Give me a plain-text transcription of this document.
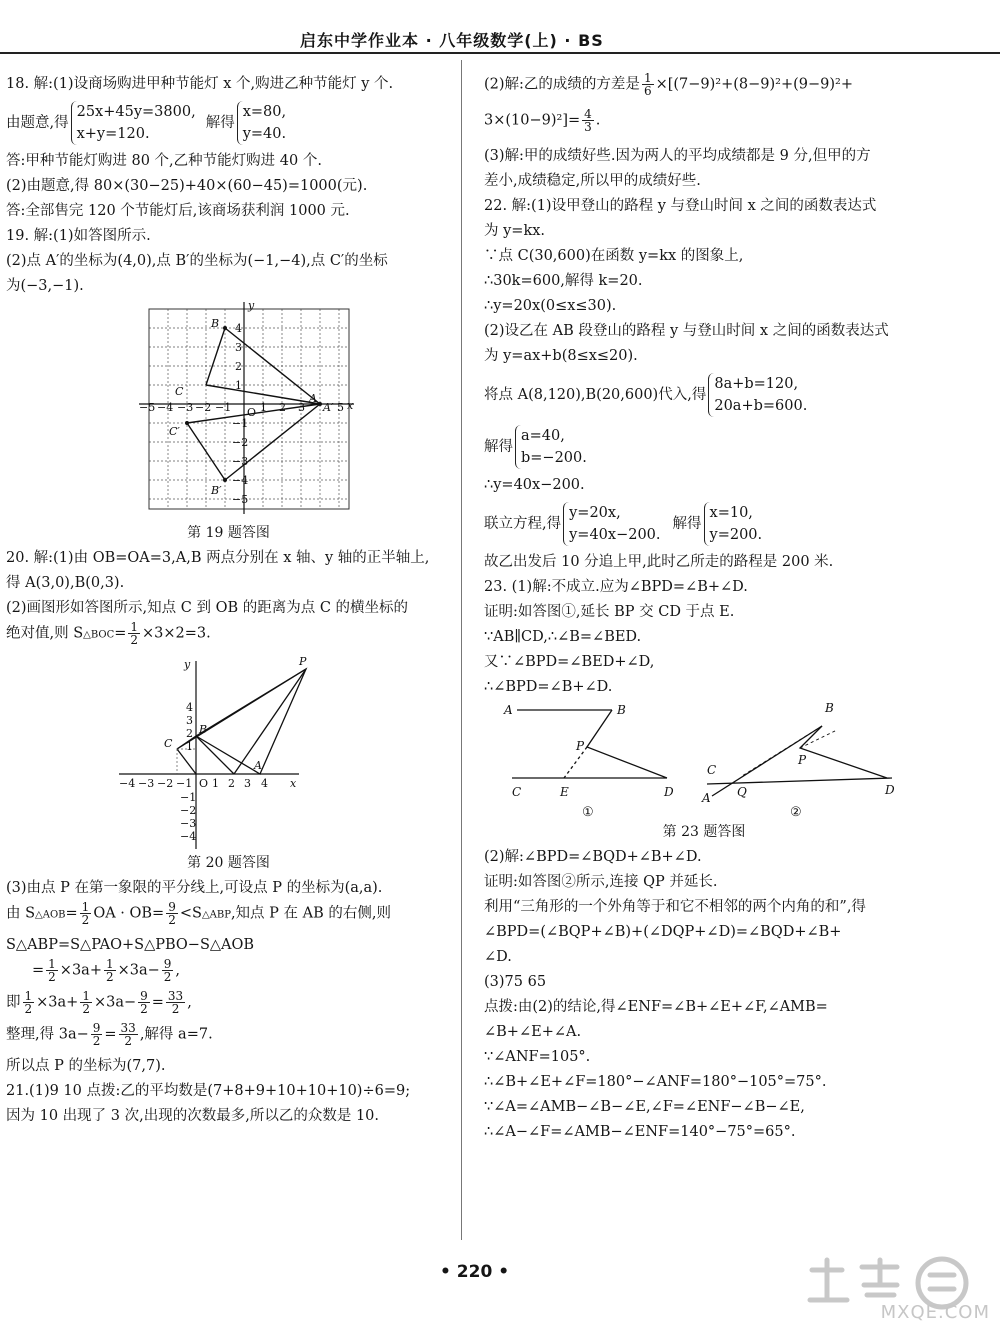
启东中学作业本 · 八年级数学(上) · BS
18. 解:(1)设商场购进甲种节能灯 x 个,购进乙种节能灯 y 个.
由题意,得
25x+45y=3800,
x+y=120.
解得
x=80,
y=40.
答:甲种节能灯购进 80 个,乙种节能灯购进 40 个.
(2)由题意,得 80×(30−25)+40×(60−45)=1000(元).
答:全部售完 120 个节能灯后,该商场获利润 1000 元.
19. 解:(1)如答图所示.
(2)点 A′的坐标为(4,0),点 B′的坐标为(−1,−4),点 C′的坐标
为(−3,−1).
y
B
B′
C
C′
A′
A
O
x
4
3
2
1
−1
−2
−3
−4
−5
−5 −4 −3 −2 −1	1 2 3	5
第 19 题答图
20. 解:(1)由 OB=OA=3,A,B 两点分别在 x 轴、y 轴的正半轴上,
得 A(3,0),B(0,3).
(2)画图形如答图所示,知点 C 到 OB 的距离为点 C 的横坐标的
绝对值,则 S△BOC= $\frac{1}{2} \times 3\times 2=3$.
y	P
B
C
A
O	x
4
3
2
1
−1
−2
−3
−4
−4 −3 −2 −1 1 2 3 4
第 20 题答图
(3)由点 P 在第一象限的平分线上,可设点 P 的坐标为(a,a).
由 S△AOB= $\frac{1}{2}$ OA · $OB= \frac{9}{2}$ <S△ABP,知点 P 在 AB 的右侧,则
S△ABP=S△PAO+S△PBO−S△AOB
= $\frac{1}{2} \times 3a+ \frac{1}{2} \times 3a- \frac{9}{2}$ ,
即 $\frac{1}{2} \times 3a+ \frac{1}{2} \times 3a- \frac{9}{2} = \frac{33}{2}$ ,
整理,得 $3a- \frac{9}{2} = \frac{33}{2}$ ,解得 a=7.
所以点 P 的坐标为(7,7).
21.(1)9 10 点拨:乙的平均数是(7+8+9+10+10+10)÷6=9;
因为 10 出现了 3 次,出现的次数最多,所以乙的众数是 10.
(2)解:乙的成绩的方差是 $\frac{1}{6} \times[(7-9)^2+(8-9)^2+(9-9)^2+$
$3\times(10-9)^2]= \frac{4}{3}$ .
(3)解:甲的成绩好些.因为两人的平均成绩都是 9 分,但甲的方
差小,成绩稳定,所以甲的成绩好些.
22. 解:(1)设甲登山的路程 y 与登山时间 x 之间的函数表达式
为 y=kx.
∵点 C(30,600)在函数 y=kx 的图象上,
∴30k=600,解得 k=20.
∴y=20x(0≤x≤30).
(2)设乙在 AB 段登山的路程 y 与登山时间 x 之间的函数表达式
为 y=ax+b(8≤x≤20).
将点 A(8,120),B(20,600)代入,得
8a+b=120,
20a+b=600.
解得
a=40,
b=−200.
∴y=40x−200.
联立方程,得
y=20x,
y=40x−200.
解得
x=10,
y=200.
故乙出发后 10 分追上甲,此时乙所走的路程是 200 米.
23. (1)解:不成立.应为∠BPD=∠B+∠D.
证明:如答图①,延长 BP 交 CD 于点 E.
∵AB∥CD,∴∠B=∠BED.
又∵∠BPD=∠BED+∠D,
∴∠BPD=∠B+∠D.
A	B
P
C	E	D
B
P
C
A Q	D
①	②
第 23 题答图
(2)解:∠BPD=∠BQD+∠B+∠D.
证明:如答图②所示,连接 QP 并延长.
利用“三角形的一个外角等于和它不相邻的两个内角的和”,得
∠BPD=(∠BQP+∠B)+(∠DQP+∠D)=∠BQD+∠B+
∠D.
(3)75 65
点拨:由(2)的结论,得∠ENF=∠B+∠E+∠F,∠AMB=
∠B+∠E+∠A.
∵∠ANF=105°.
∴∠B+∠E+∠F=180°−∠ANF=180°−105°=75°.
∵∠A=∠AMB−∠B−∠E,∠F=∠ENF−∠B−∠E,
∴∠A−∠F=∠AMB−∠ENF=140°−75°=65°.
• 220 •
MXQE.COM
